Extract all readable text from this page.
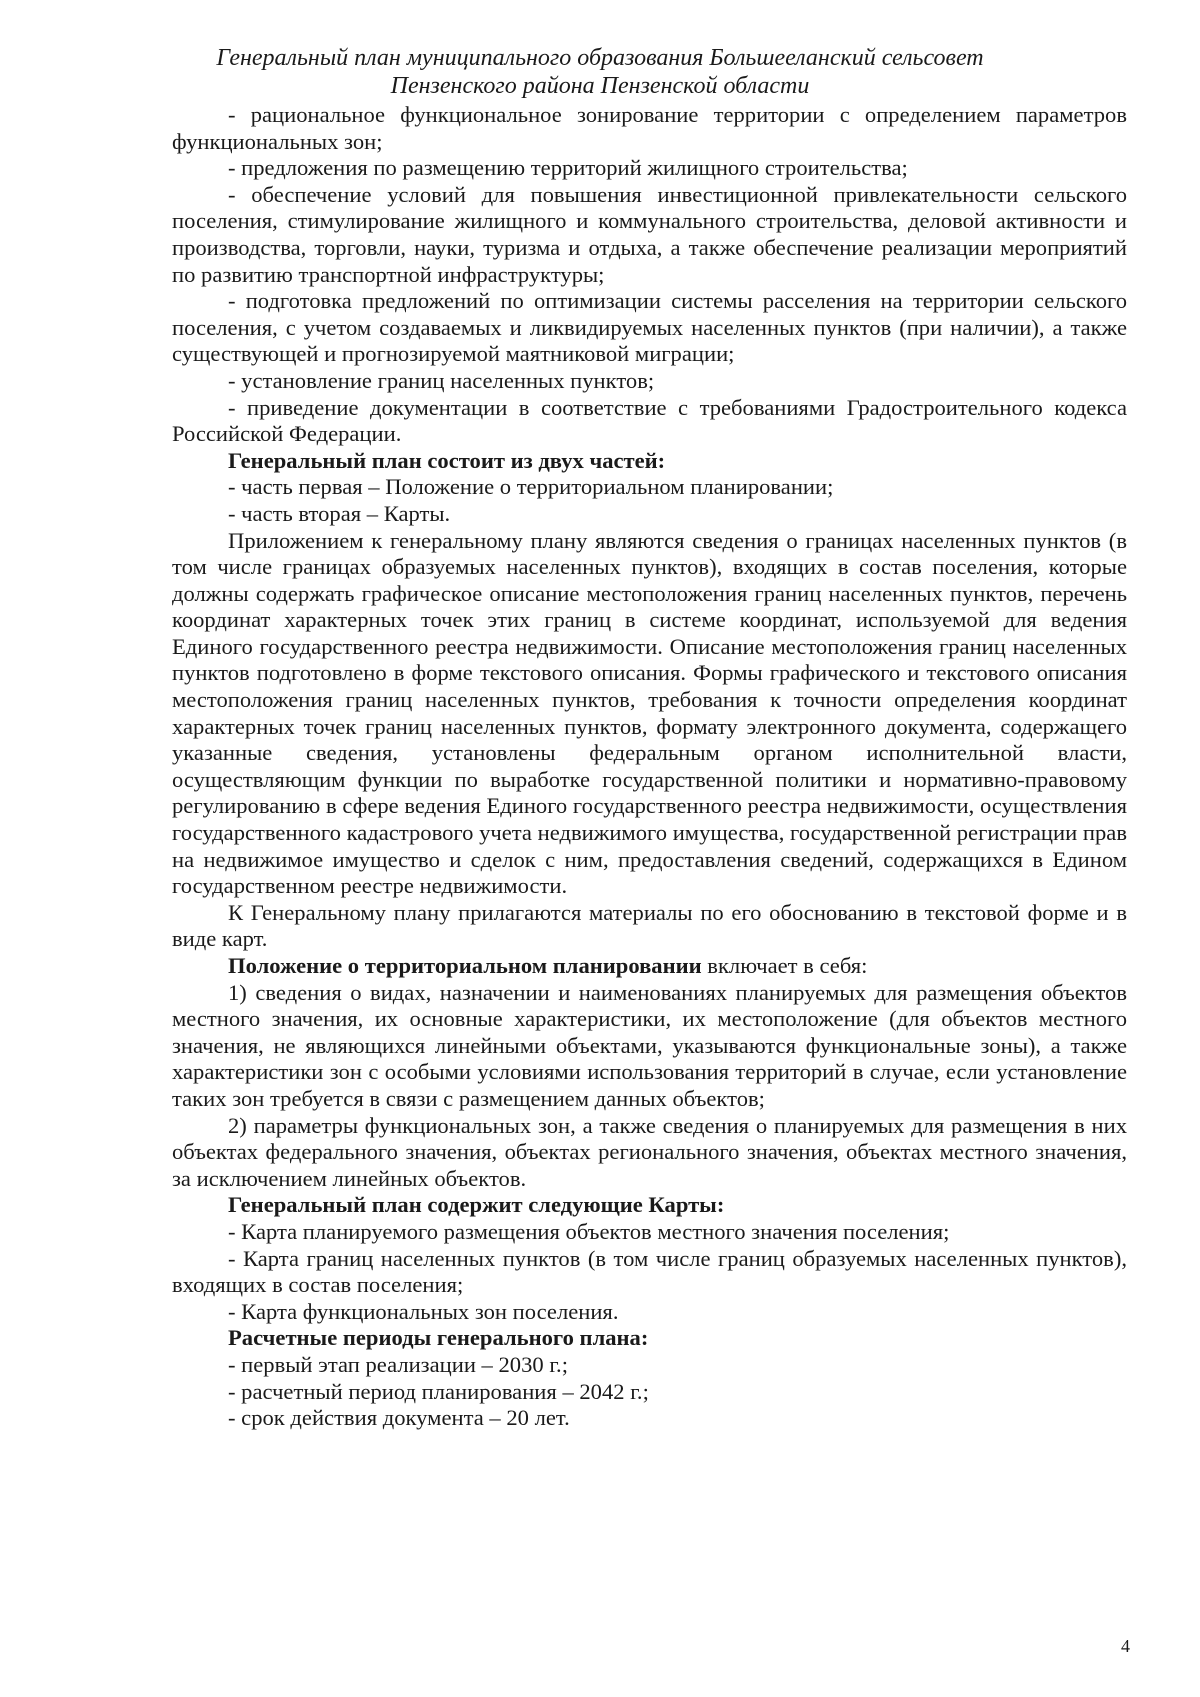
Генеральный план муниципального образования Большееланский сельсовет
Пензенского района Пензенской области

- рациональное функциональное зонирование территории с определением параметров функциональных зон;

- предложения по размещению территорий жилищного строительства;

- обеспечение условий для повышения инвестиционной привлекательности сельского поселения, стимулирование жилищного и коммунального строительства, деловой активности и производства, торговли, науки, туризма и отдыха, а также обеспечение реализации мероприятий по развитию транспортной инфраструктуры;

- подготовка предложений по оптимизации системы расселения на территории сельского поселения, с учетом создаваемых и ликвидируемых населенных пунктов (при наличии), а также существующей и прогнозируемой маятниковой миграции;

- установление границ населенных пунктов;

- приведение документации в соответствие с требованиями Градостроительного кодекса Российской Федерации.

Генеральный план состоит из двух частей:

- часть первая – Положение о территориальном планировании;

- часть вторая – Карты.

Приложением к генеральному плану являются сведения о границах населенных пунктов (в том числе границах образуемых населенных пунктов), входящих в состав поселения, которые должны содержать графическое описание местоположения границ населенных пунктов, перечень координат характерных точек этих границ в системе координат, используемой для ведения Единого государственного реестра недвижимости. Описание местоположения границ населенных пунктов подготовлено в форме текстового описания. Формы графического и текстового описания местоположения границ населенных пунктов, требования к точности определения координат характерных точек границ населенных пунктов, формату электронного документа, содержащего указанные сведения, установлены федеральным органом исполнительной власти, осуществляющим функции по выработке государственной политики и нормативно-правовому регулированию в сфере ведения Единого государственного реестра недвижимости, осуществления государственного кадастрового учета недвижимого имущества, государственной регистрации прав на недвижимое имущество и сделок с ним, предоставления сведений, содержащихся в Едином государственном реестре недвижимости.

К Генеральному плану прилагаются материалы по его обоснованию в текстовой форме и в виде карт.

Положение о территориальном планировании включает в себя:

1) сведения о видах, назначении и наименованиях планируемых для размещения объектов местного значения, их основные характеристики, их местоположение (для объектов местного значения, не являющихся линейными объектами, указываются функциональные зоны), а также характеристики зон с особыми условиями использования территорий в случае, если установление таких зон требуется в связи с размещением данных объектов;

2) параметры функциональных зон, а также сведения о планируемых для размещения в них объектах федерального значения, объектах регионального значения, объектах местного значения, за исключением линейных объектов.

Генеральный план содержит следующие Карты:

- Карта планируемого размещения объектов местного значения поселения;

- Карта границ населенных пунктов (в том числе границ образуемых населенных пунктов), входящих в состав поселения;

- Карта функциональных зон поселения.

Расчетные периоды генерального плана:

- первый этап реализации – 2030 г.;

- расчетный период планирования – 2042 г.;

- срок действия документа – 20 лет.

4
